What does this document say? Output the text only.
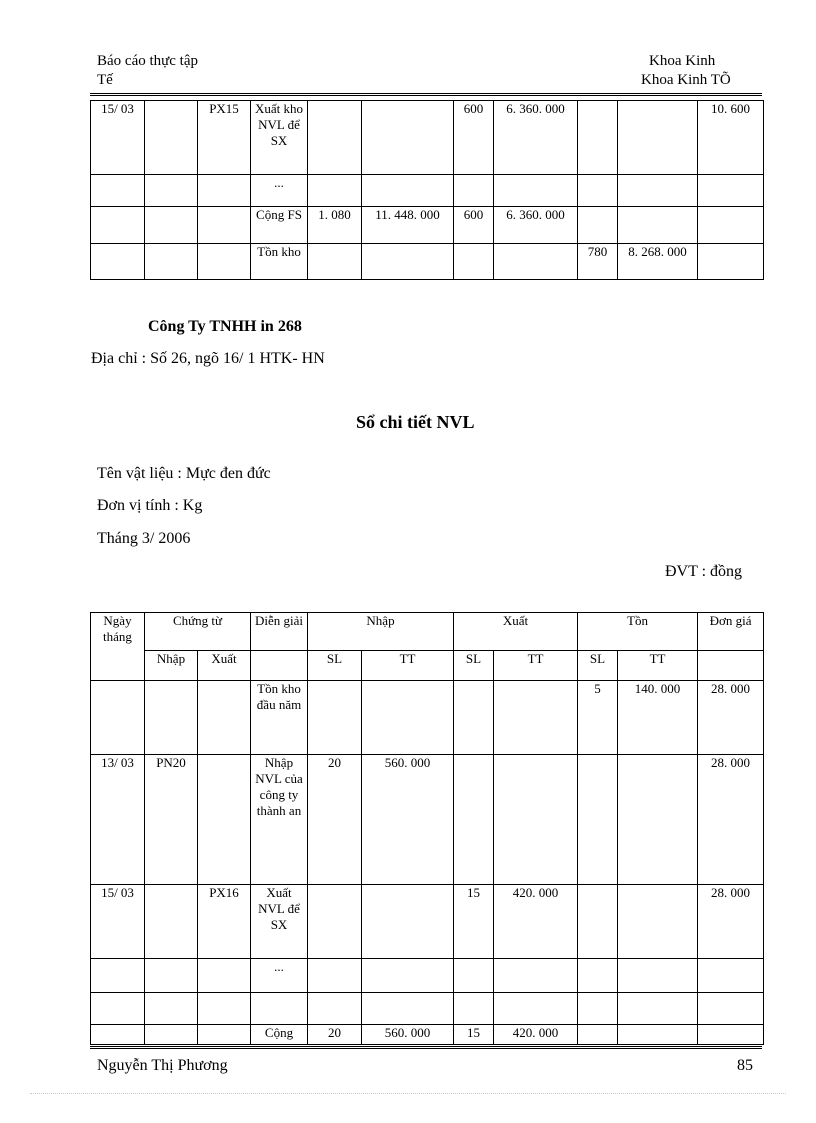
Báo cáo thực tập
Tế
Khoa Kinh
Khoa Kinh TÕ
15/ 03		PX15	Xuất kho NVL để SX			600	6. 360. 000			10. 600
			...							
			Cộng FS	1. 080	11. 448. 000	600	6. 360. 000			
			Tồn kho					780	8. 268. 000	
Công Ty TNHH in 268
Địa chỉ : Số 26, ngõ 16/ 1 HTK- HN
Sổ chi tiết NVL
Tên vật liệu : Mực đen đức
Đơn vị tính : Kg
Tháng 3/ 2006
ĐVT : đồng
Ngày tháng	Chứng từ		Diễn giải	Nhập		Xuất		Tồn		Đơn giá
	Nhập	Xuất		SL	TT	SL	TT	SL	TT	
			Tồn kho đầu năm					5	140. 000	28. 000
13/ 03	PN20		Nhập NVL của công ty thành an	20	560. 000					28. 000
15/ 03		PX16	Xuất NVL để SX			15	420. 000			28. 000
			...							

			Cộng	20	560. 000	15	420. 000			
Nguyễn Thị Phương	85
